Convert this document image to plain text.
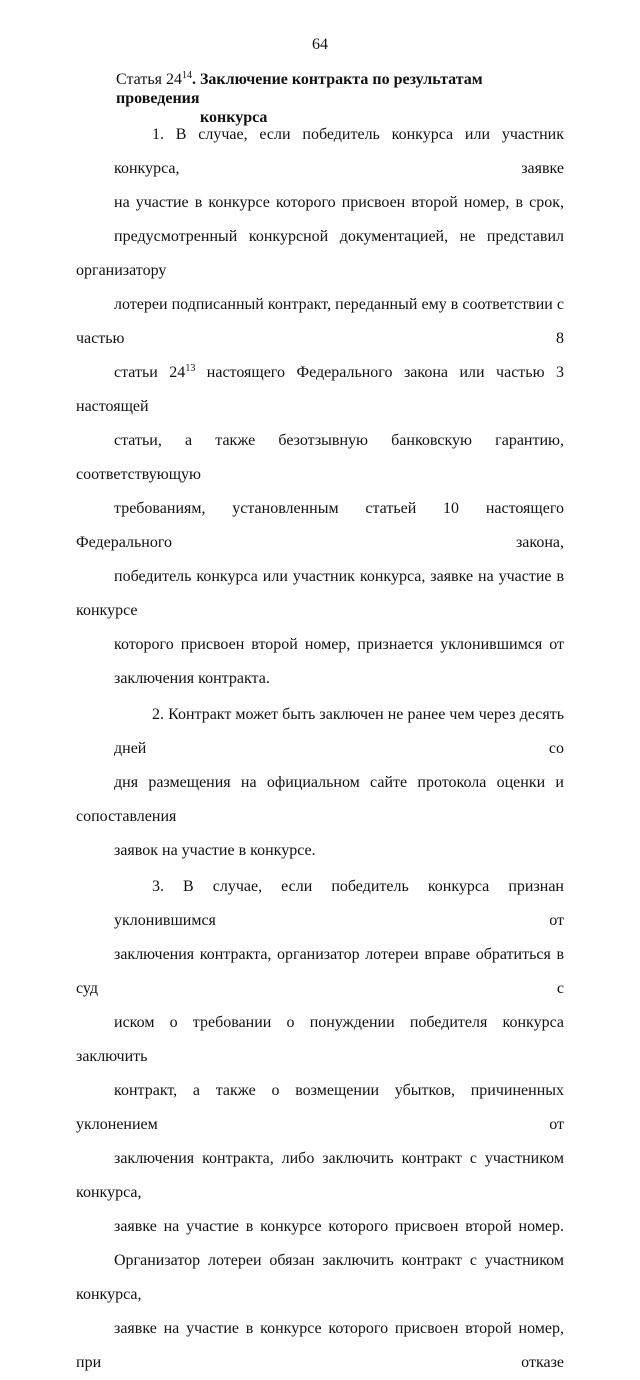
64
Статья $24^{14}$. Заключение контракта по результатам проведения
конкурса
1. В случае, если победитель конкурса или участник конкурса, заявке
на участие в конкурсе которого присвоен второй номер, в срок,
предусмотренный конкурсной документацией, не представил организатору
лотереи подписанный контракт, переданный ему в соответствии с частью 8
статьи $24^{13}$ настоящего Федерального закона или частью 3 настоящей
статьи, а также безотзывную банковскую гарантию, соответствующую
требованиям, установленным статьей 10 настоящего Федерального закона,
победитель конкурса или участник конкурса, заявке на участие в конкурсе
которого присвоен второй номер, признается уклонившимся от
заключения контракта.
2. Контракт может быть заключен не ранее чем через десять дней со
дня размещения на официальном сайте протокола оценки и сопоставления
заявок на участие в конкурсе.
3. В случае, если победитель конкурса признан уклонившимся от
заключения контракта, организатор лотереи вправе обратиться в суд с
иском о требовании о понуждении победителя конкурса заключить
контракт, а также о возмещении убытков, причиненных уклонением от
заключения контракта, либо заключить контракт с участником конкурса,
заявке на участие в конкурсе которого присвоен второй номер.
Организатор лотереи обязан заключить контракт с участником конкурса,
заявке на участие в конкурсе которого присвоен второй номер, при отказе
